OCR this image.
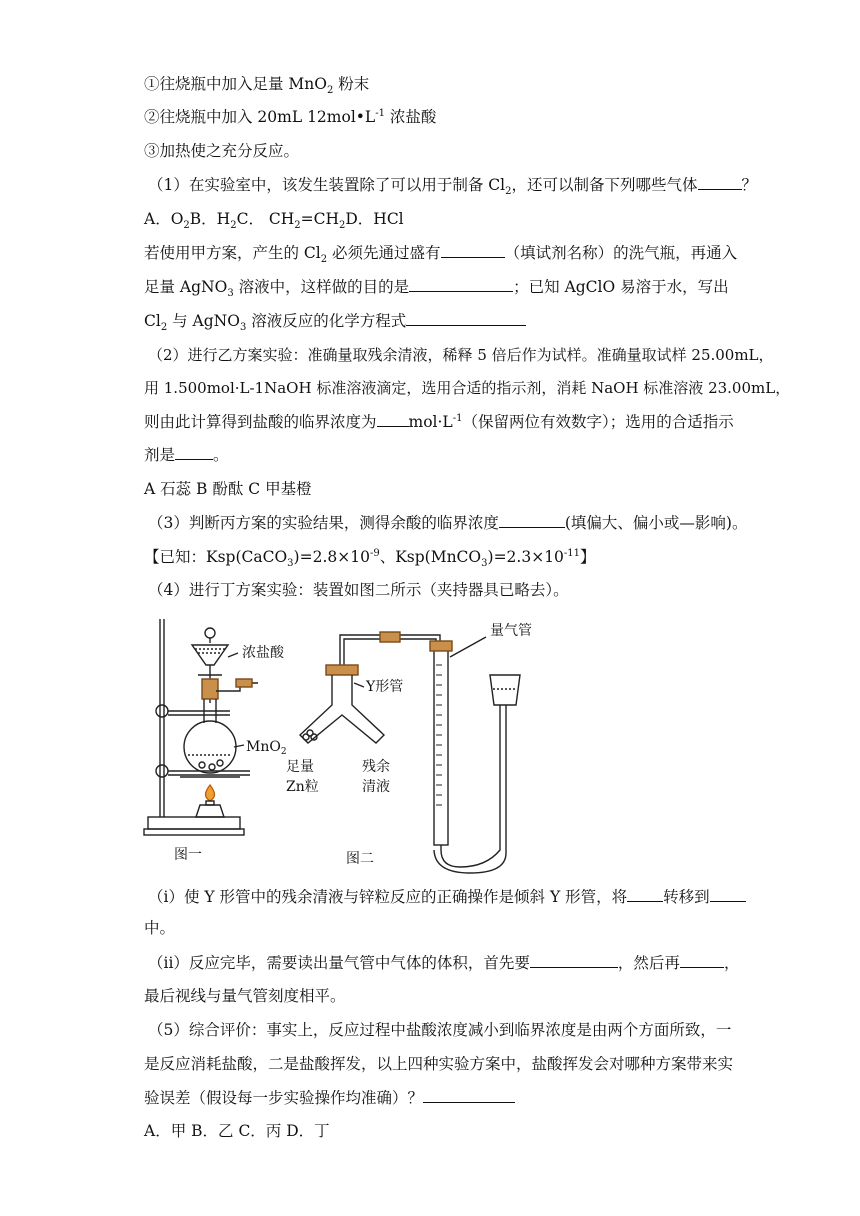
①往烧瓶中加入足量 MnO$_2$ 粉末
②往烧瓶中加入 20mL $12mol•L^{-1}$ 浓盐酸
③加热使之充分反应。
（1）在实验室中，该发生装置除了可以用于制备 $Cl_2$，还可以制备下列哪些气体	？
A．$O_2B$．$H_2C$． $CH_2=CH_2D$．HCl
若使用甲方案，产生的 $Cl_2$ 必须先通过盛有	（填试剂名称）的洗气瓶，再通入
足量 AgNO$_3$ 溶液中，这样做的目的是	；已知 AgClO 易溶于水，写出
$Cl_2$ 与 AgNO$_3$ 溶液反应的化学方程式
（2）进行乙方案实验：准确量取残余清液，稀释 5 倍后作为试样。准确量取试样 25.00mL，
用 1.500mol·L-1NaOH 标准溶液滴定，选用合适的指示剂，消耗 NaOH 标准溶液 23.00mL，
则由此计算得到盐酸的临界浓度为 $mol\cdot L^{-1}$（保留两位有效数字）；选用的合适指示
剂是 。
A 石蕊 B 酚酞 C 甲基橙
（3）判断丙方案的实验结果，测得余酸的临界浓度	(填偏大、偏小或—影响)。
【已知：$Ksp(CaCO_3)=2.8\times 10^{-9}$、$Ksp(MnCO_3)=2.3\times 10^{-11}$】
（4）进行丁方案实验：装置如图二所示（夹持器具已略去）。
浓盐酸
MnO$_2$
图一
Y形管
足量
Zn粒
残余
清液
量气管
图二
（i）使 Y 形管中的残余清液与锌粒反应的正确操作是倾斜 Y 形管，将 转移到
中。
（ii）反应完毕，需要读出量气管中气体的体积，首先要	，然后再	，
最后视线与量气管刻度相平。
（5）综合评价：事实上，反应过程中盐酸浓度减小到临界浓度是由两个方面所致，一
是反应消耗盐酸，二是盐酸挥发，以上四种实验方案中，盐酸挥发会对哪种方案带来实
验误差（假设每一步实验操作均准确）？
A．甲 B．乙 C．丙 D．丁
